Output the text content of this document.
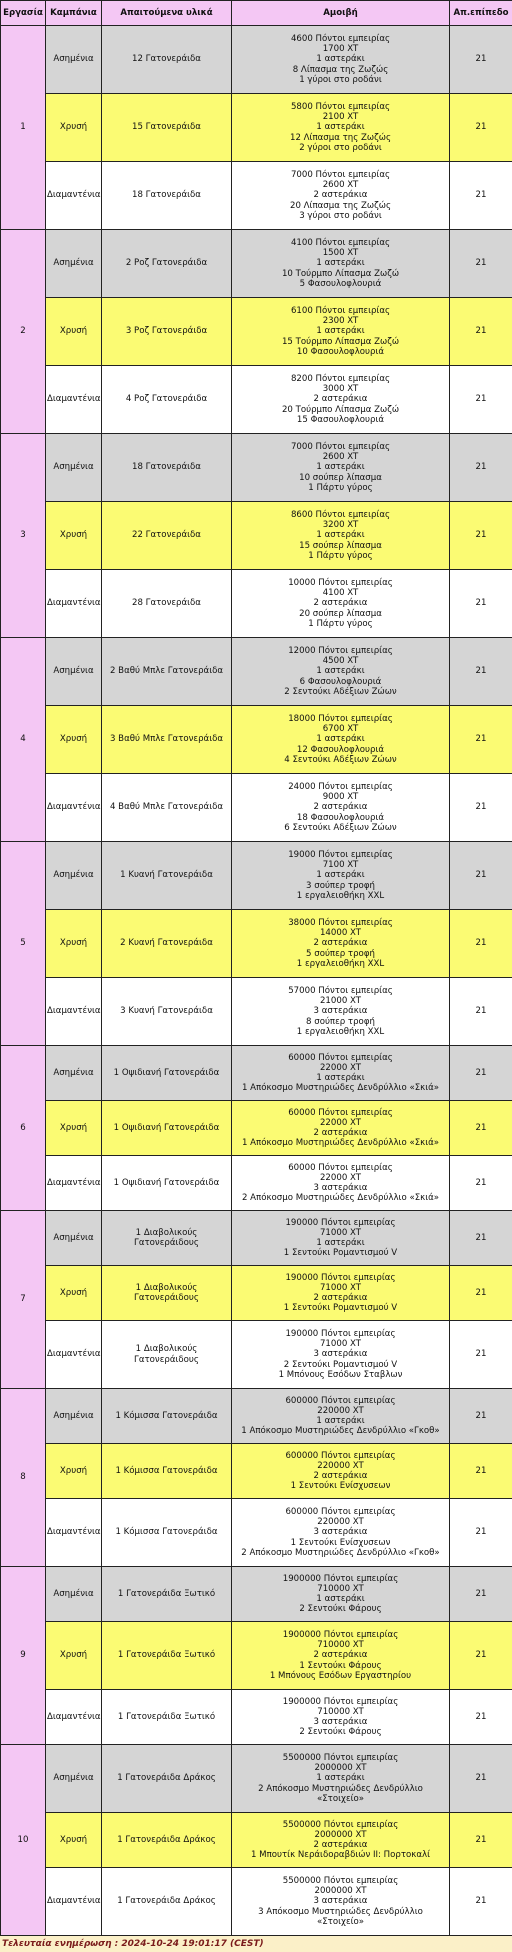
Εργασία	Καμπάνια	Απαιτούμενα υλικά	Αμοιβή	Απ.επίπεδο
1	Ασημένια	12 Γατονεράιδα	4600 Πόντοι εμπειρίας
1700 XT
1 αστεράκι
8 Λίπασμα της Ζωζώς
1 γύροι στο ροδάνι	21
	Χρυσή	15 Γατονεράιδα	5800 Πόντοι εμπειρίας
2100 XT
1 αστεράκι
12 Λίπασμα της Ζωζώς
2 γύροι στο ροδάνι	21
	Διαμαντένια	18 Γατονεράιδα	7000 Πόντοι εμπειρίας
2600 XT
2 αστεράκια
20 Λίπασμα της Ζωζώς
3 γύροι στο ροδάνι	21
2	Ασημένια	2 Ροζ Γατονεράιδα	4100 Πόντοι εμπειρίας
1500 XT
1 αστεράκι
10 Τούρμπο Λίπασμα Ζωζώ
5 Φασουλοφλουριά	21
	Χρυσή	3 Ροζ Γατονεράιδα	6100 Πόντοι εμπειρίας
2300 XT
1 αστεράκι
15 Τούρμπο Λίπασμα Ζωζώ
10 Φασουλοφλουριά	21
	Διαμαντένια	4 Ροζ Γατονεράιδα	8200 Πόντοι εμπειρίας
3000 XT
2 αστεράκια
20 Τούρμπο Λίπασμα Ζωζώ
15 Φασουλοφλουριά	21
3	Ασημένια	18 Γατονεράιδα	7000 Πόντοι εμπειρίας
2600 XT
1 αστεράκι
10 σούπερ λίπασμα
1 Πάρτυ γύρος	21
	Χρυσή	22 Γατονεράιδα	8600 Πόντοι εμπειρίας
3200 XT
1 αστεράκι
15 σούπερ λίπασμα
1 Πάρτυ γύρος	21
	Διαμαντένια	28 Γατονεράιδα	10000 Πόντοι εμπειρίας
4100 XT
2 αστεράκια
20 σούπερ λίπασμα
1 Πάρτυ γύρος	21
4	Ασημένια	2 Βαθύ Μπλε Γατονεράιδα	12000 Πόντοι εμπειρίας
4500 XT
1 αστεράκι
6 Φασουλοφλουριά
2 Σεντούκι Αδέξιων Ζώων	21
	Χρυσή	3 Βαθύ Μπλε Γατονεράιδα	18000 Πόντοι εμπειρίας
6700 XT
1 αστεράκι
12 Φασουλοφλουριά
4 Σεντούκι Αδέξιων Ζώων	21
	Διαμαντένια	4 Βαθύ Μπλε Γατονεράιδα	24000 Πόντοι εμπειρίας
9000 XT
2 αστεράκια
18 Φασουλοφλουριά
6 Σεντούκι Αδέξιων Ζώων	21
5	Ασημένια	1 Κυανή Γατονεράιδα	19000 Πόντοι εμπειρίας
7100 XT
1 αστεράκι
3 σούπερ τροφή
1 εργαλειοθήκη XXL	21
	Χρυσή	2 Κυανή Γατονεράιδα	38000 Πόντοι εμπειρίας
14000 XT
2 αστεράκια
5 σούπερ τροφή
1 εργαλειοθήκη XXL	21
	Διαμαντένια	3 Κυανή Γατονεράιδα	57000 Πόντοι εμπειρίας
21000 XT
3 αστεράκια
8 σούπερ τροφή
1 εργαλειοθήκη XXL	21
6	Ασημένια	1 Οψιδιανή Γατονεράιδα	60000 Πόντοι εμπειρίας
22000 XT
1 αστεράκι
1 Απόκοσμο Μυστηριώδες Δενδρύλλιο «Σκιά»	21
	Χρυσή	1 Οψιδιανή Γατονεράιδα	60000 Πόντοι εμπειρίας
22000 XT
2 αστεράκια
1 Απόκοσμο Μυστηριώδες Δενδρύλλιο «Σκιά»	21
	Διαμαντένια	1 Οψιδιανή Γατονεράιδα	60000 Πόντοι εμπειρίας
22000 XT
3 αστεράκια
2 Απόκοσμο Μυστηριώδες Δενδρύλλιο «Σκιά»	21
7	Ασημένια	1 Διαβολικούς Γατονεράιδους	190000 Πόντοι εμπειρίας
71000 XT
1 αστεράκι
1 Σεντούκι Ρομαντισμού V	21
	Χρυσή	1 Διαβολικούς Γατονεράιδους	190000 Πόντοι εμπειρίας
71000 XT
2 αστεράκια
1 Σεντούκι Ρομαντισμού V	21
	Διαμαντένια	1 Διαβολικούς Γατονεράιδους	190000 Πόντοι εμπειρίας
71000 XT
3 αστεράκια
2 Σεντούκι Ρομαντισμού V
1 Μπόνους Εσόδων Σταβλων	21
8	Ασημένια	1 Κόμισσα Γατονεράιδα	600000 Πόντοι εμπειρίας
220000 XT
1 αστεράκι
1 Απόκοσμο Μυστηριώδες Δενδρύλλιο «Γκοθ»	21
	Χρυσή	1 Κόμισσα Γατονεράιδα	600000 Πόντοι εμπειρίας
220000 XT
2 αστεράκια
1 Σεντούκι Ενίσχυσεων	21
	Διαμαντένια	1 Κόμισσα Γατονεράιδα	600000 Πόντοι εμπειρίας
220000 XT
3 αστεράκια
1 Σεντούκι Ενίσχυσεων
2 Απόκοσμο Μυστηριώδες Δενδρύλλιο «Γκοθ»	21
9	Ασημένια	1 Γατονεράιδα Ξωτικό	1900000 Πόντοι εμπειρίας
710000 XT
1 αστεράκι
2 Σεντούκι Φάρους	21
	Χρυσή	1 Γατονεράιδα Ξωτικό	1900000 Πόντοι εμπειρίας
710000 XT
2 αστεράκια
1 Σεντούκι Φάρους
1 Μπόνους Εσόδων Εργαστηρίου	21
	Διαμαντένια	1 Γατονεράιδα Ξωτικό	1900000 Πόντοι εμπειρίας
710000 XT
3 αστεράκια
2 Σεντούκι Φάρους	21
10	Ασημένια	1 Γατονεράιδα Δράκος	5500000 Πόντοι εμπειρίας
2000000 XT
1 αστεράκι
2 Απόκοσμο Μυστηριώδες Δενδρύλλιο
«Στοιχείο»	21
	Χρυσή	1 Γατονεράιδα Δράκος	5500000 Πόντοι εμπειρίας
2000000 XT
2 αστεράκια
1 Μπουτίκ Νεράιδοραβδιών ΙΙ: Πορτοκαλί	21
	Διαμαντένια	1 Γατονεράιδα Δράκος	5500000 Πόντοι εμπειρίας
2000000 XT
3 αστεράκια
3 Απόκοσμο Μυστηριώδες Δενδρύλλιο
«Στοιχείο»	21
Τελευταία ενημέρωση : 2024-10-24 19:01:17 (CEST)
